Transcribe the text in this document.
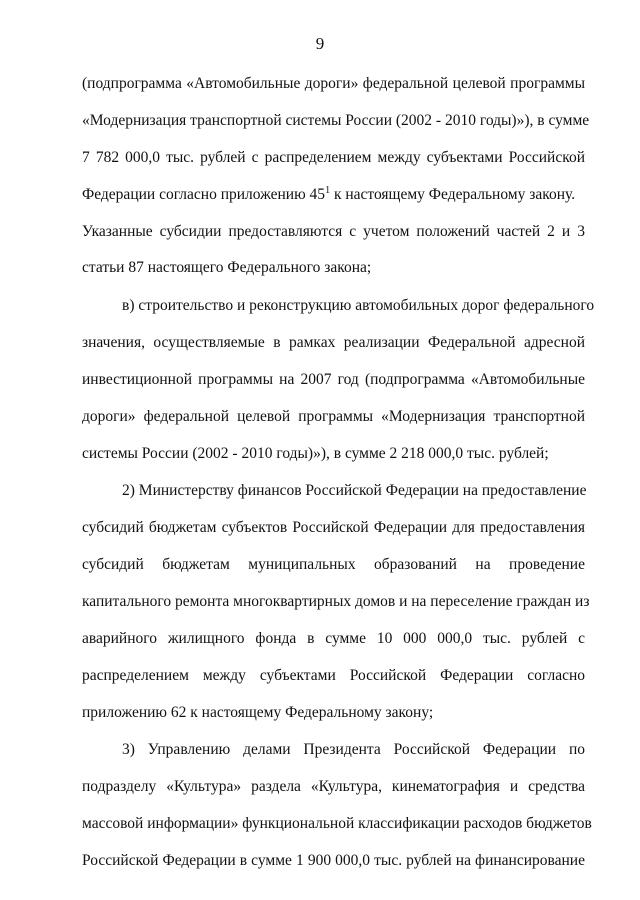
9
(подпрограмма «Автомобильные дороги» федеральной целевой программы
«Модернизация транспортной системы России (2002 - 2010 годы)»), в сумме
7 782 000,0 тыс. рублей с распределением между субъектами Российской
Федерации согласно приложению $45^1$ к настоящему Федеральному закону.
Указанные субсидии предоставляются с учетом положений частей 2 и 3
статьи 87 настоящего Федерального закона;
в) строительство и реконструкцию автомобильных дорог федерального
значения, осуществляемые в рамках реализации Федеральной адресной
инвестиционной программы на 2007 год (подпрограмма «Автомобильные
дороги» федеральной целевой программы «Модернизация транспортной
системы России (2002 - 2010 годы)»), в сумме 2 218 000,0 тыс. рублей;
2) Министерству финансов Российской Федерации на предоставление
субсидий бюджетам субъектов Российской Федерации для предоставления
субсидий бюджетам муниципальных образований на проведение
капитального ремонта многоквартирных домов и на переселение граждан из
аварийного жилищного фонда в сумме 10 000 000,0 тыс. рублей с
распределением между субъектами Российской Федерации согласно
приложению 62 к настоящему Федеральному закону;
3) Управлению делами Президента Российской Федерации по
подразделу «Культура» раздела «Культура, кинематография и средства
массовой информации» функциональной классификации расходов бюджетов
Российской Федерации в сумме 1 900 000,0 тыс. рублей на финансирование
